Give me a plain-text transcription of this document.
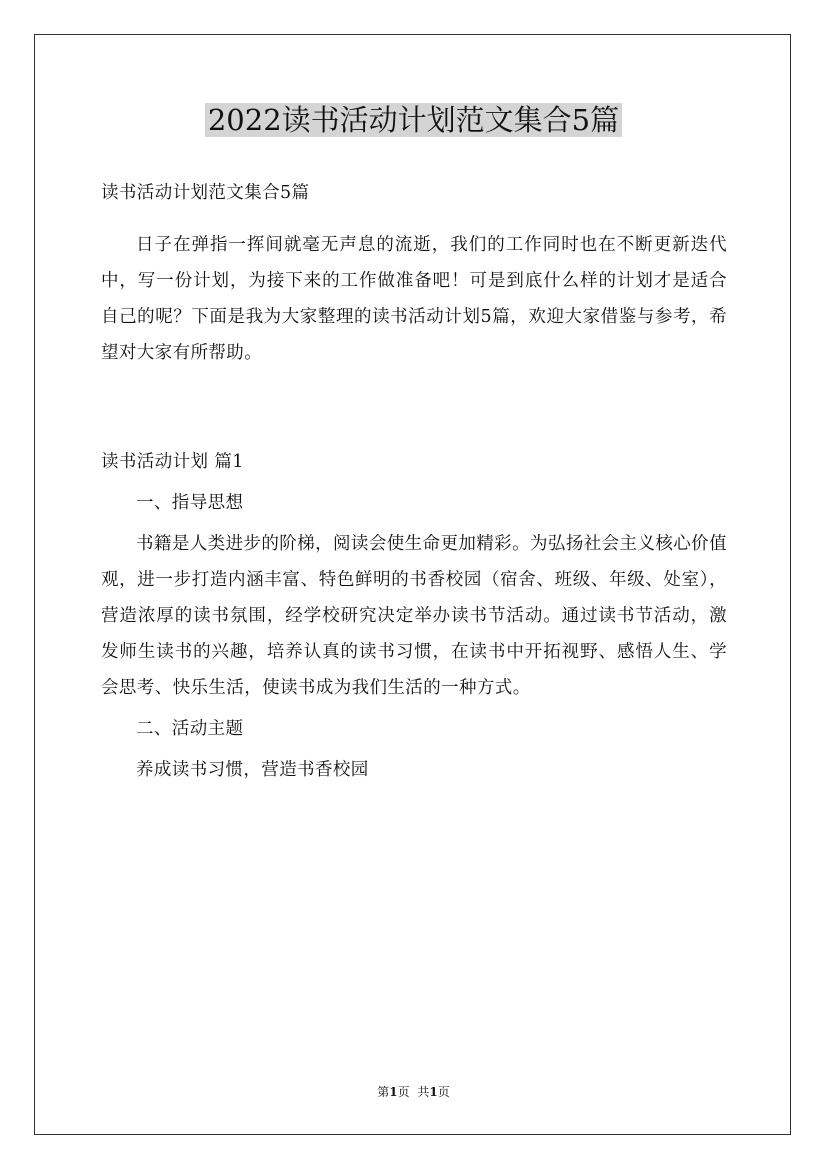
2022读书活动计划范文集合5篇

读书活动计划范文集合5篇

日子在弹指一挥间就毫无声息的流逝，我们的工作同时也在不断更新迭代中，写一份计划，为接下来的工作做准备吧！可是到底什么样的计划才是适合自己的呢？下面是我为大家整理的读书活动计划5篇，欢迎大家借鉴与参考，希望对大家有所帮助。

读书活动计划 篇1

一、指导思想

书籍是人类进步的阶梯，阅读会使生命更加精彩。为弘扬社会主义核心价值观，进一步打造内涵丰富、特色鲜明的书香校园（宿舍、班级、年级、处室），营造浓厚的读书氛围，经学校研究决定举办读书节活动。通过读书节活动，激发师生读书的兴趣，培养认真的读书习惯，在读书中开拓视野、感悟人生、学会思考、快乐生活，使读书成为我们生活的一种方式。

二、活动主题

养成读书习惯，营造书香校园

第1页 共1页
